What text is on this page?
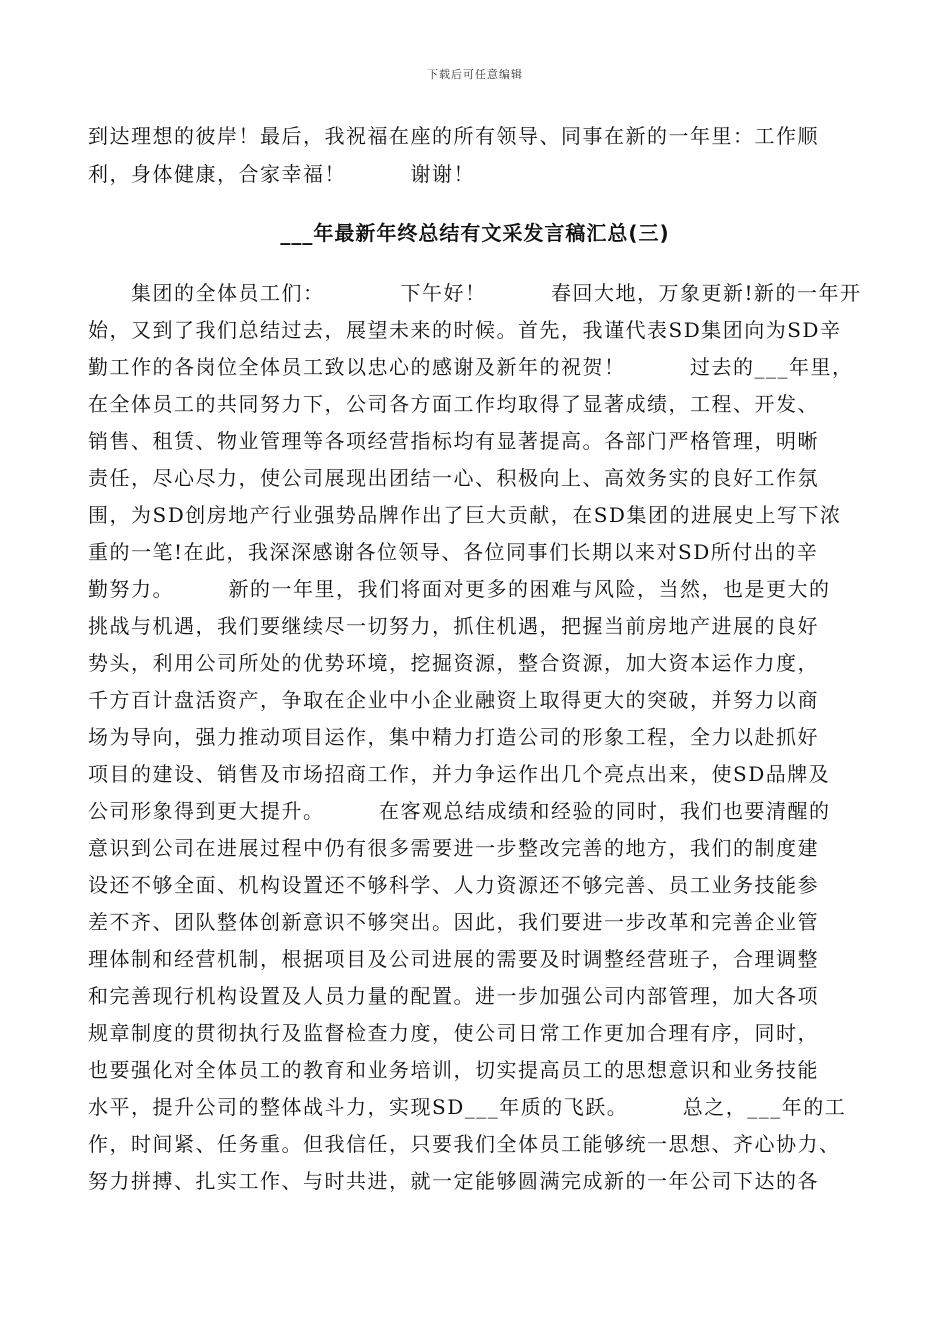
下载后可任意编辑
到达理想的彼岸！最后，我祝福在座的所有领导、同事在新的一年里：工作顺
利，身体健康，合家幸福！　　　谢谢！
___年最新年终总结有文采发言稿汇总(三)
　　集团的全体员工们：　　　　下午好！　　　春回大地，万象更新!新的一年开
始，又到了我们总结过去，展望未来的时候。首先，我谨代表SD集团向为SD辛
勤工作的各岗位全体员工致以忠心的感谢及新年的祝贺！　　　过去的___年里，
在全体员工的共同努力下，公司各方面工作均取得了显著成绩，工程、开发、
销售、租赁、物业管理等各项经营指标均有显著提高。各部门严格管理，明晰
责任，尽心尽力，使公司展现出团结一心、积极向上、高效务实的良好工作氛
围，为SD创房地产行业强势品牌作出了巨大贡献，在SD集团的进展史上写下浓
重的一笔!在此，我深深感谢各位领导、各位同事们长期以来对SD所付出的辛
勤努力。　　　新的一年里，我们将面对更多的困难与风险，当然，也是更大的
挑战与机遇，我们要继续尽一切努力，抓住机遇，把握当前房地产进展的良好
势头，利用公司所处的优势环境，挖掘资源，整合资源，加大资本运作力度，
千方百计盘活资产，争取在企业中小企业融资上取得更大的突破，并努力以商
场为导向，强力推动项目运作，集中精力打造公司的形象工程，全力以赴抓好
项目的建设、销售及市场招商工作，并力争运作出几个亮点出来，使SD品牌及
公司形象得到更大提升。　　　在客观总结成绩和经验的同时，我们也要清醒的
意识到公司在进展过程中仍有很多需要进一步整改完善的地方，我们的制度建
设还不够全面、机构设置还不够科学、人力资源还不够完善、员工业务技能参
差不齐、团队整体创新意识不够突出。因此，我们要进一步改革和完善企业管
理体制和经营机制，根据项目及公司进展的需要及时调整经营班子，合理调整
和完善现行机构设置及人员力量的配置。进一步加强公司内部管理，加大各项
规章制度的贯彻执行及监督检查力度，使公司日常工作更加合理有序，同时，
也要强化对全体员工的教育和业务培训，切实提高员工的思想意识和业务技能
水平，提升公司的整体战斗力，实现SD___年质的飞跃。　　　总之，___年的工
作，时间紧、任务重。但我信任，只要我们全体员工能够统一思想、齐心协力、
努力拼搏、扎实工作、与时共进，就一定能够圆满完成新的一年公司下达的各
